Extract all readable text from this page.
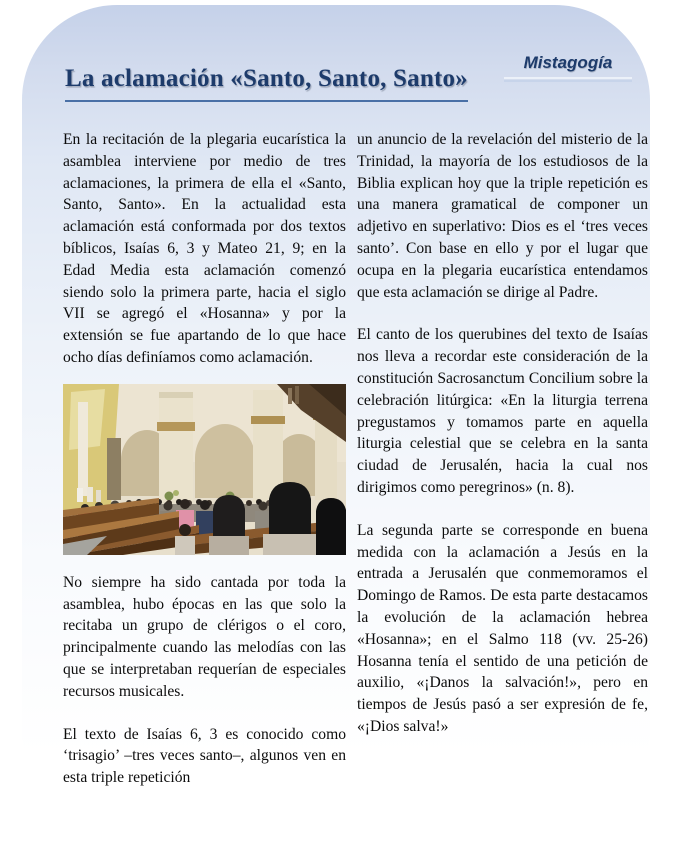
La aclamación «Santo, Santo, Santo»
Mistagogía

En la recitación de la plegaria eucarística la asamblea interviene por medio de tres aclamaciones, la primera de ella el «Santo, Santo, Santo». En la actualidad esta aclamación está conformada por dos textos bíblicos, Isaías 6, 3 y Mateo 21, 9; en la Edad Media esta aclamación comenzó siendo solo la primera parte, hacia el siglo VII se agregó el «Hosanna» y por la extensión se fue apartando de lo que hace ocho días definíamos como aclamación.

No siempre ha sido cantada por toda la asamblea, hubo épocas en las que solo la recitaba un grupo de clérigos o el coro, principalmente cuando las melodías con las que se interpretaban requerían de especiales recursos musicales.

El texto de Isaías 6, 3 es conocido como ‘trisagio’ –tres veces santo–, algunos ven en esta triple repetición

un anuncio de la revelación del misterio de la Trinidad, la mayoría de los estudiosos de la Biblia explican hoy que la triple repetición es una manera gramatical de componer un adjetivo en superlativo: Dios es el ‘tres veces santo’. Con base en ello y por el lugar que ocupa en la plegaria eucarística entendamos que esta aclamación se dirige al Padre.

El canto de los querubines del texto de Isaías nos lleva a recordar este consideración de la constitución Sacrosanctum Concilium sobre la celebración litúrgica: «En la liturgia terrena pregustamos y tomamos parte en aquella liturgia celestial que se celebra en la santa ciudad de Jerusalén, hacia la cual nos dirigimos como peregrinos» (n. 8).

La segunda parte se corresponde en buena medida con la aclamación a Jesús en la entrada a Jerusalén que conmemoramos el Domingo de Ramos. De esta parte destacamos la evolución de la aclamación hebrea «Hosanna»; en el Salmo 118 (vv. 25-26) Hosanna tenía el sentido de una petición de auxilio, «¡Danos la salvación!», pero en tiempos de Jesús pasó a ser expresión de fe, «¡Dios salva!»
